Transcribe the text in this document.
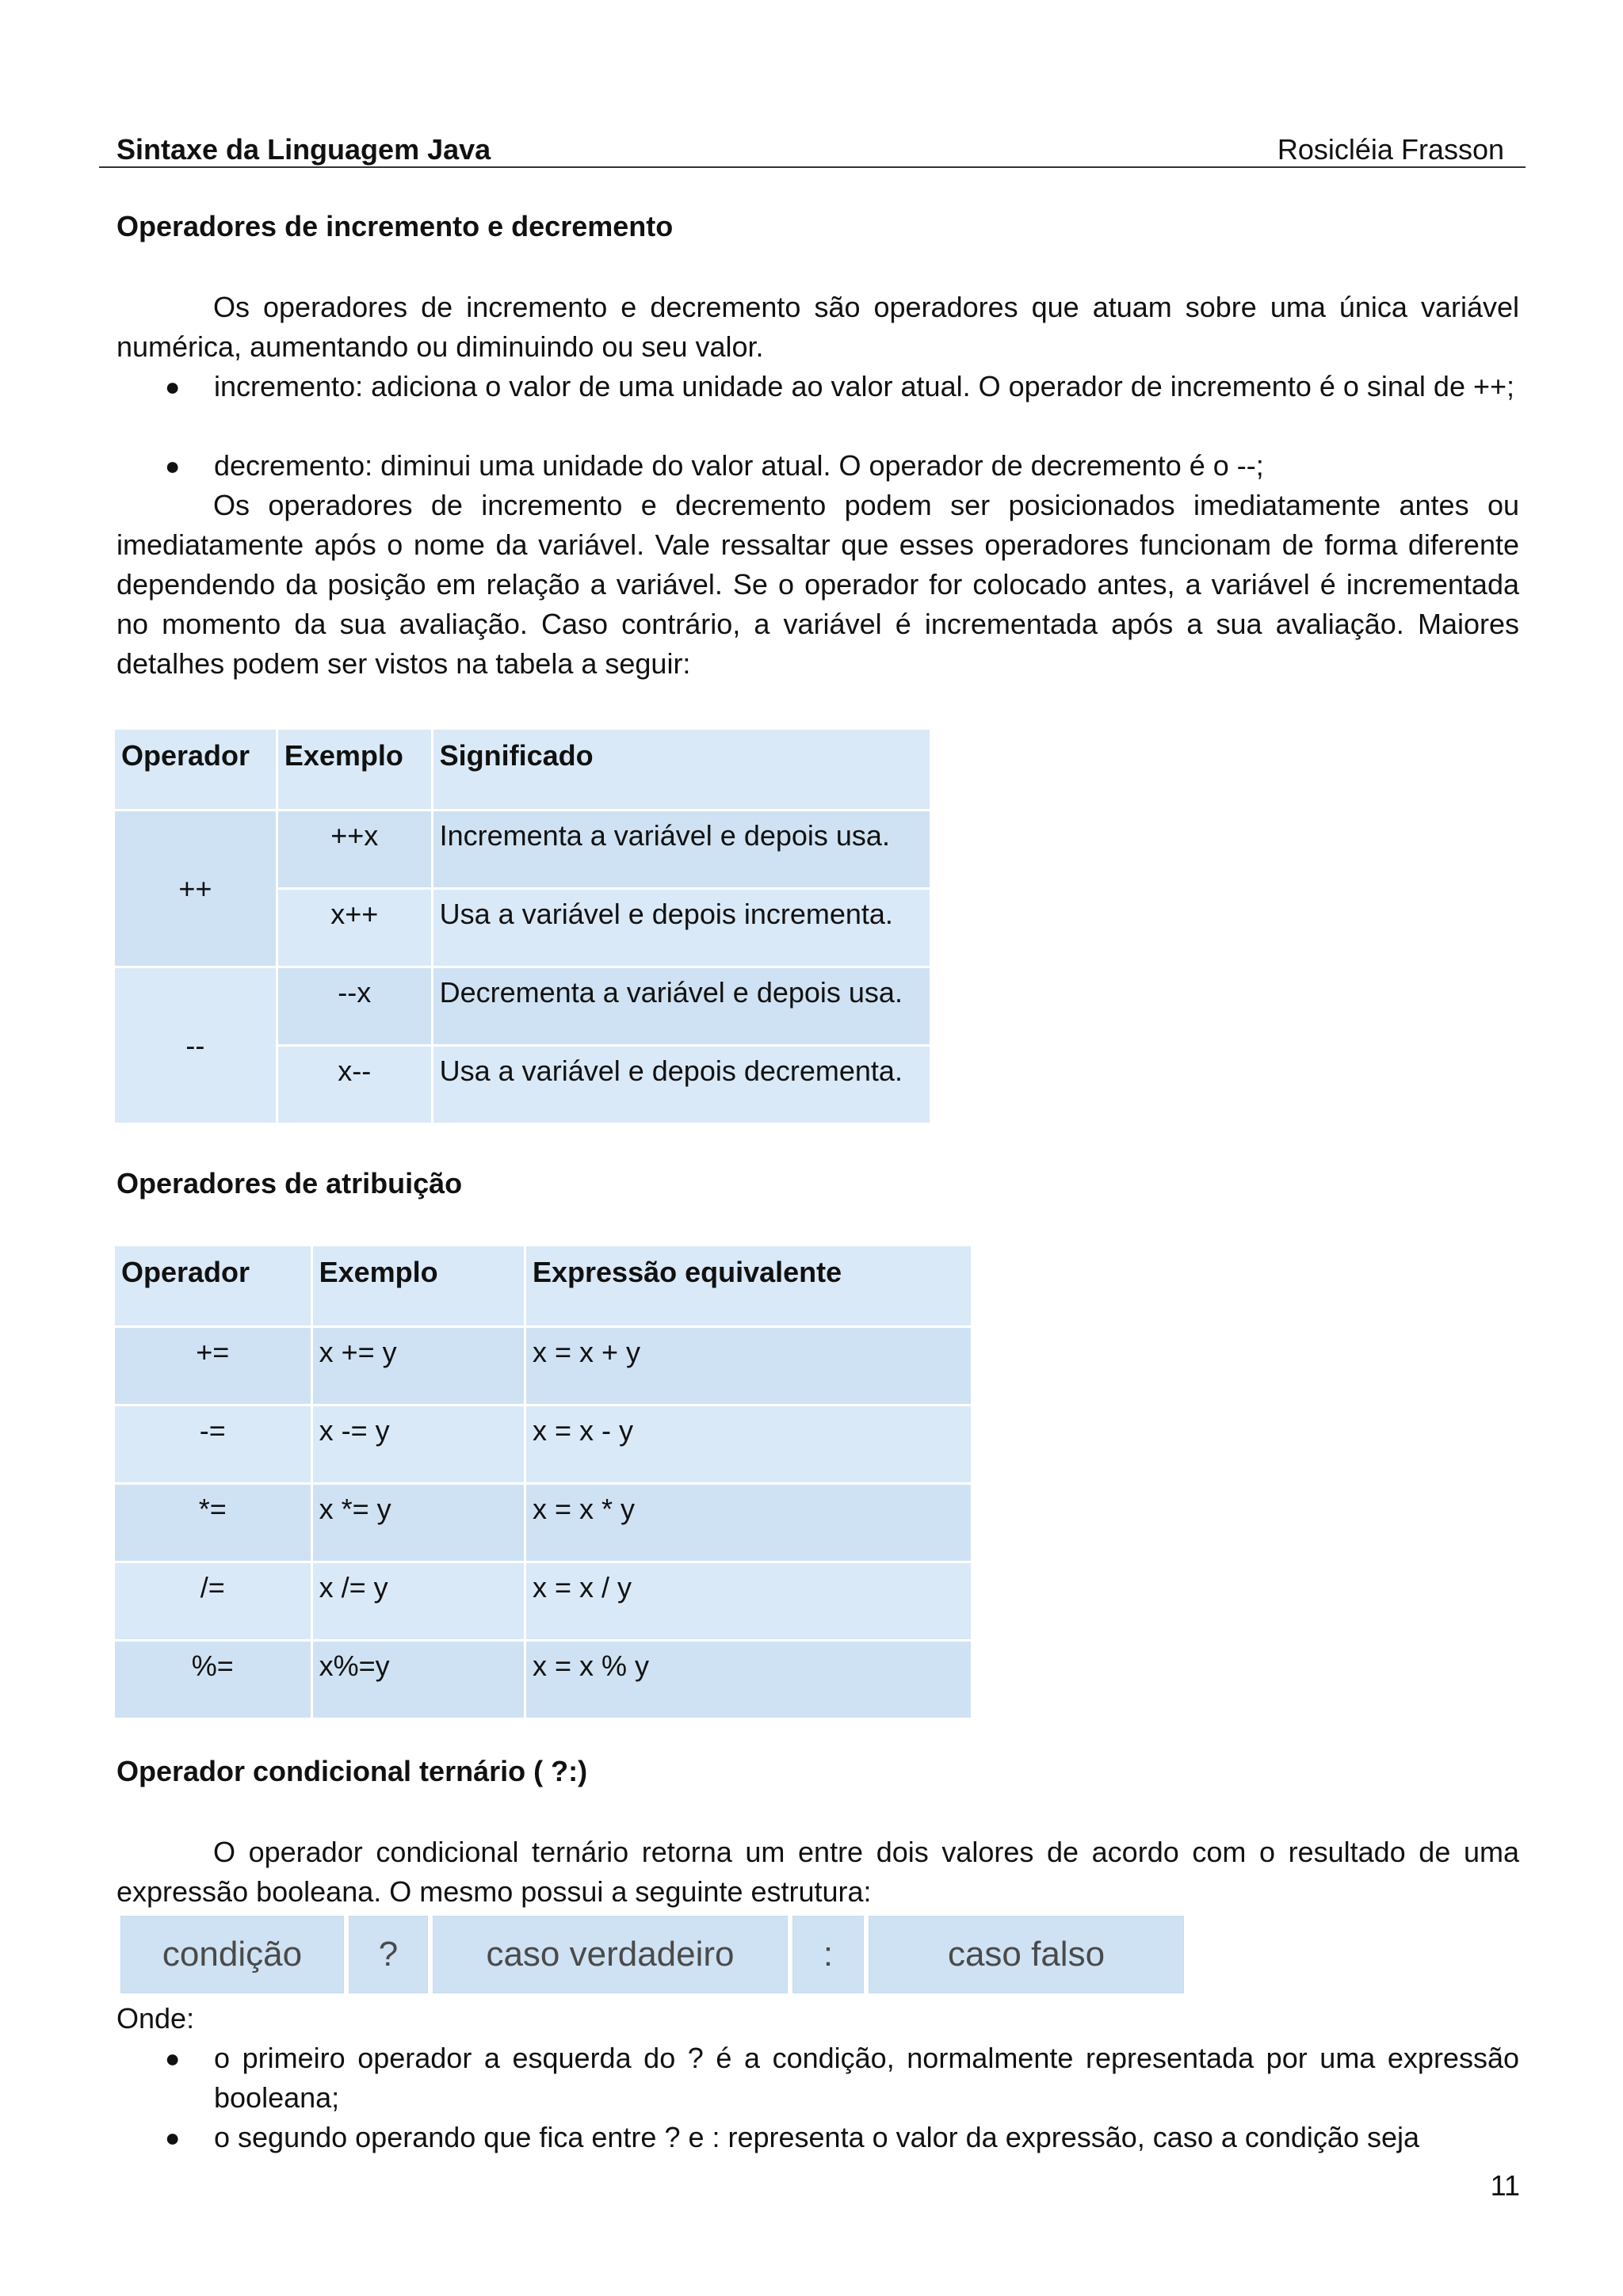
Sintaxe da Linguagem Java	Rosicléia Frasson
Operadores de incremento e decremento
Os operadores de incremento e decremento são operadores que atuam sobre uma única variável numérica, aumentando ou diminuindo ou seu valor.
● incremento: adiciona o valor de uma unidade ao valor atual. O operador de incremento é o sinal de ++;
● decremento: diminui uma unidade do valor atual. O operador de decremento é o --;
Os operadores de incremento e decremento podem ser posicionados imediatamente antes ou imediatamente após o nome da variável. Vale ressaltar que esses operadores funcionam de forma diferente dependendo da posição em relação a variável. Se o operador for colocado antes, a variável é incrementada no momento da sua avaliação. Caso contrário, a variável é incrementada após a sua avaliação. Maiores detalhes podem ser vistos na tabela a seguir:
Operador	Exemplo	Significado
++	++x	Incrementa a variável e depois usa.
	x++	Usa a variável e depois incrementa.
--	--x	Decrementa a variável e depois usa.
	x--	Usa a variável e depois decrementa.
Operadores de atribuição
Operador	Exemplo	Expressão equivalente
+=	x += y	x = x + y
-=	x -= y	x = x - y
*=	x *= y	x = x * y
/=	x /= y	x = x / y
%=	x%=y	x = x % y
Operador condicional ternário ( ?:)
O operador condicional ternário retorna um entre dois valores de acordo com o resultado de uma expressão booleana. O mesmo possui a seguinte estrutura:
condição	?	caso verdadeiro	:	caso falso
Onde:
● o primeiro operador a esquerda do ? é a condição, normalmente representada por uma expressão booleana;
● o segundo operando que fica entre ? e : representa o valor da expressão, caso a condição seja
11
